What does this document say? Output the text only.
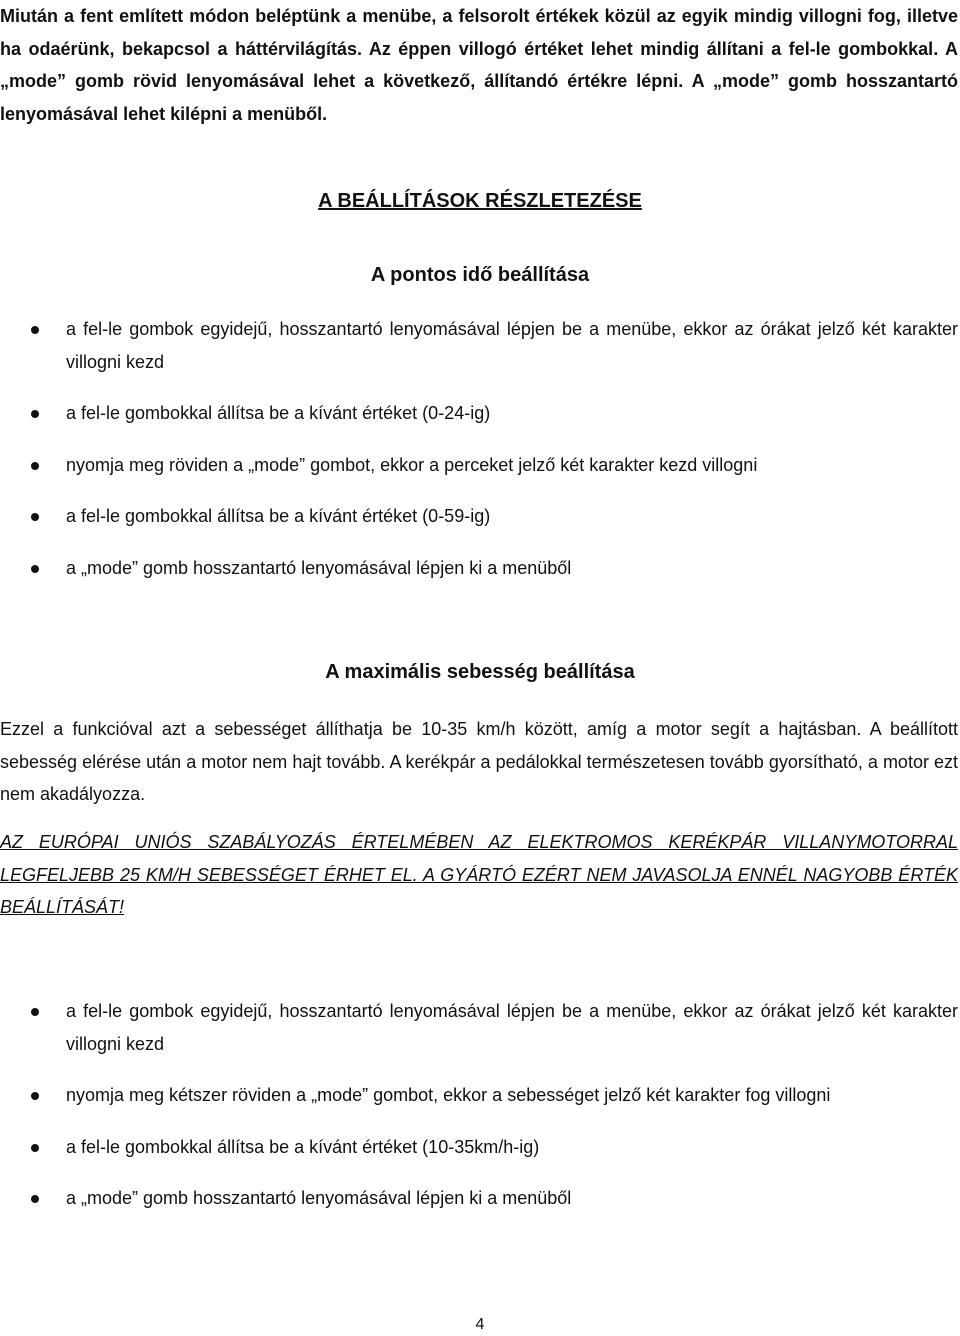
Miután a fent említett módon beléptünk a menübe, a felsorolt értékek közül az egyik mindig villogni fog, illetve ha odaérünk, bekapcsol a háttérvilágítás. Az éppen villogó értéket lehet mindig állítani a fel-le gombokkal. A „mode” gomb rövid lenyomásával lehet a következő, állítandó értékre lépni. A „mode” gomb hosszantartó lenyomásával lehet kilépni a menüből.

A BEÁLLÍTÁSOK RÉSZLETEZÉSE
A pontos idő beállítása
a fel-le gombok egyidejű, hosszantartó lenyomásával lépjen be a menübe, ekkor az órákat jelző két karakter villogni kezd
a fel-le gombokkal állítsa be a kívánt értéket (0-24-ig)
nyomja meg röviden a „mode” gombot, ekkor a perceket jelző két karakter kezd villogni
a fel-le gombokkal állítsa be a kívánt értéket (0-59-ig)
a „mode” gomb hosszantartó lenyomásával lépjen ki a menüből
A maximális sebesség beállítása

Ezzel a funkcióval azt a sebességet állíthatja be 10-35 km/h között, amíg a motor segít a hajtásban. A beállított sebesség elérése után a motor nem hajt tovább. A kerékpár a pedálokkal természetesen tovább gyorsítható, a motor ezt nem akadályozza.

AZ EURÓPAI UNIÓS SZABÁLYOZÁS ÉRTELMÉBEN AZ ELEKTROMOS KERÉKPÁR VILLANYMOTORRAL LEGFELJEBB 25 KM/H SEBESSÉGET ÉRHET EL. A GYÁRTÓ EZÉRT NEM JAVASOLJA ENNÉL NAGYOBB ÉRTÉK BEÁLLÍTÁSÁT!

a fel-le gombok egyidejű, hosszantartó lenyomásával lépjen be a menübe, ekkor az órákat jelző két karakter villogni kezd
nyomja meg kétszer röviden a „mode” gombot, ekkor a sebességet jelző két karakter fog villogni
a fel-le gombokkal állítsa be a kívánt értéket (10-35km/h-ig)
a „mode” gomb hosszantartó lenyomásával lépjen ki a menüből

4
